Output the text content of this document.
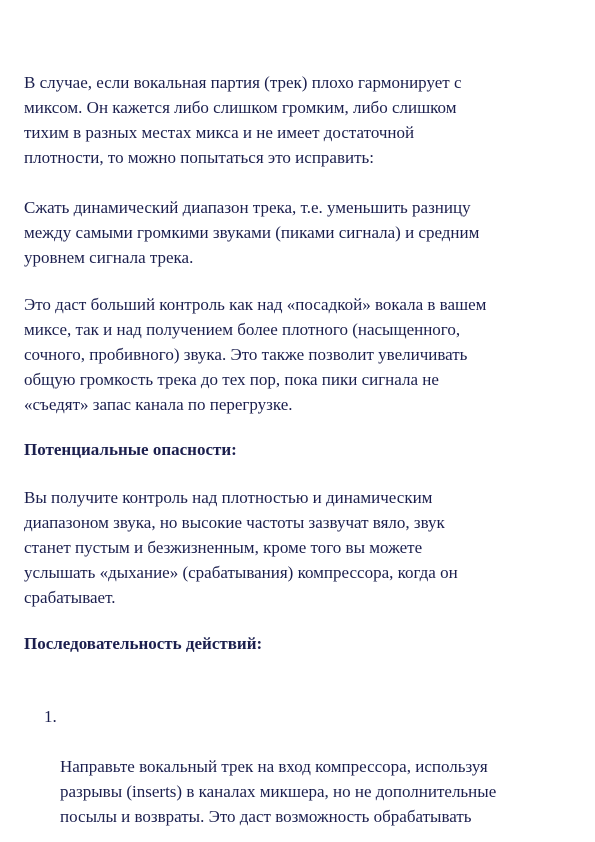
В случае, если вокальная партия (трек) плохо гармонирует с
миксом. Он кажется либо слишком громким, либо слишком
тихим в разных местах микса и не имеет достаточной
плотности, то можно попытаться это исправить:

Сжать динамический диапазон трека, т.е. уменьшить разницу
между самыми громкими звуками (пиками сигнала) и средним
уровнем сигнала трека.

Это даст больший контроль как над «посадкой» вокала в вашем
миксе, так и над получением более плотного (насыщенного,
сочного, пробивного) звука. Это также позволит увеличивать
общую громкость трека до тех пор, пока пики сигнала не
«съедят» запас канала по перегрузке.

Потенциальные опасности:

Вы получите контроль над плотностью и динамическим
диапазоном звука, но высокие частоты зазвучат вяло, звук
станет пустым и безжизненным, кроме того вы можете
услышать «дыхание» (срабатывания) компрессора, когда он
срабатывает.

Последовательность действий:

1.

Направьте вокальный трек на вход компрессора, используя
разрывы (inserts) в каналах микшера, но не дополнительные
посылы и возвраты. Это даст возможность обрабатывать
